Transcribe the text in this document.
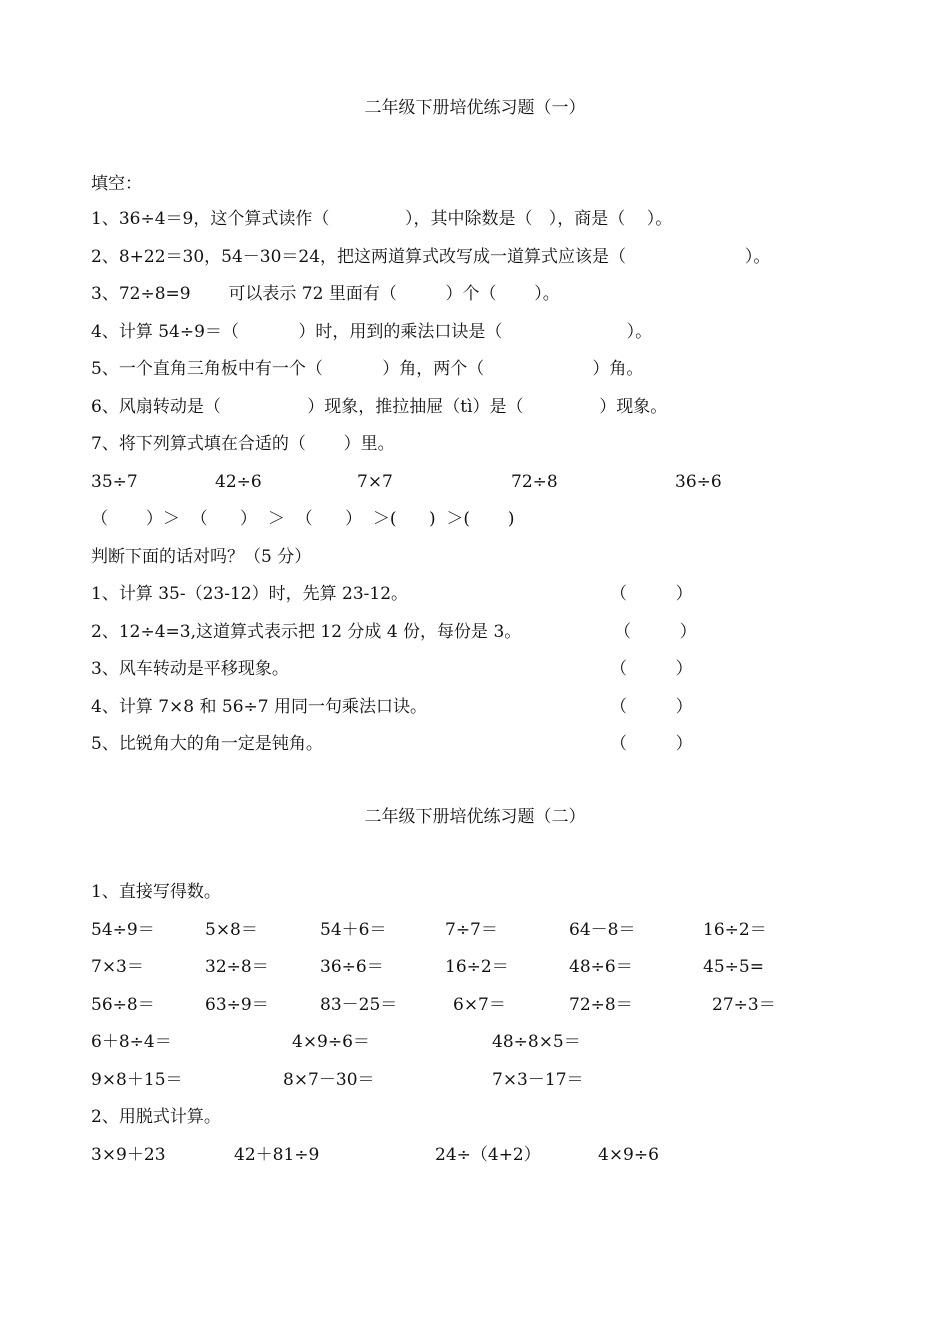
二年级下册培优练习题（一）
填空：
1、36÷4＝9，这个算式读作（              ），其中除数是（   ），商是（    ）。
2、8+22＝30，54－30＝24，把这两道算式改写成一道算式应该是（                      ）。
3、72÷8=9       可以表示 72 里面有（         ）个（       ）。
4、计算 54÷9＝（           ）时，用到的乘法口诀是（                       ）。
5、一个直角三角板中有一个（           ）角，两个（                    ）角。
6、风扇转动是（                ）现象，推拉抽屉（tì）是（              ）现象。
7、将下列算式填在合适的（       ）里。
35÷7	42÷6	7×7	72÷8	36÷6
（       ）＞  （      ）  ＞  （      ）  ＞(      )  ＞(       )
判断下面的话对吗？（5 分）
1、计算 35-（23-12）时，先算 23-12。	（         ）
2、12÷4=3,这道算式表示把 12 分成 4 份，每份是 3。	（         ）
3、风车转动是平移现象。	（         ）
4、计算 7×8 和 56÷7 用同一句乘法口诀。	（         ）
5、比锐角大的角一定是钝角。	（         ）
二年级下册培优练习题（二）
1、直接写得数。
54÷9＝	5×8＝	54＋6＝	7÷7＝	64－8＝	16÷2＝
7×3＝	32÷8＝	36÷6＝	16÷2＝	48÷6＝	45÷5=
56÷8＝	63÷9＝	83－25＝	6×7＝	72÷8＝	27÷3＝
6＋8÷4＝	4×9÷6＝	48÷8×5＝
9×8＋15＝	8×7－30＝	7×3－17＝
2、用脱式计算。
3×9＋23	42＋81÷9	24÷（4+2）	4×9÷6
